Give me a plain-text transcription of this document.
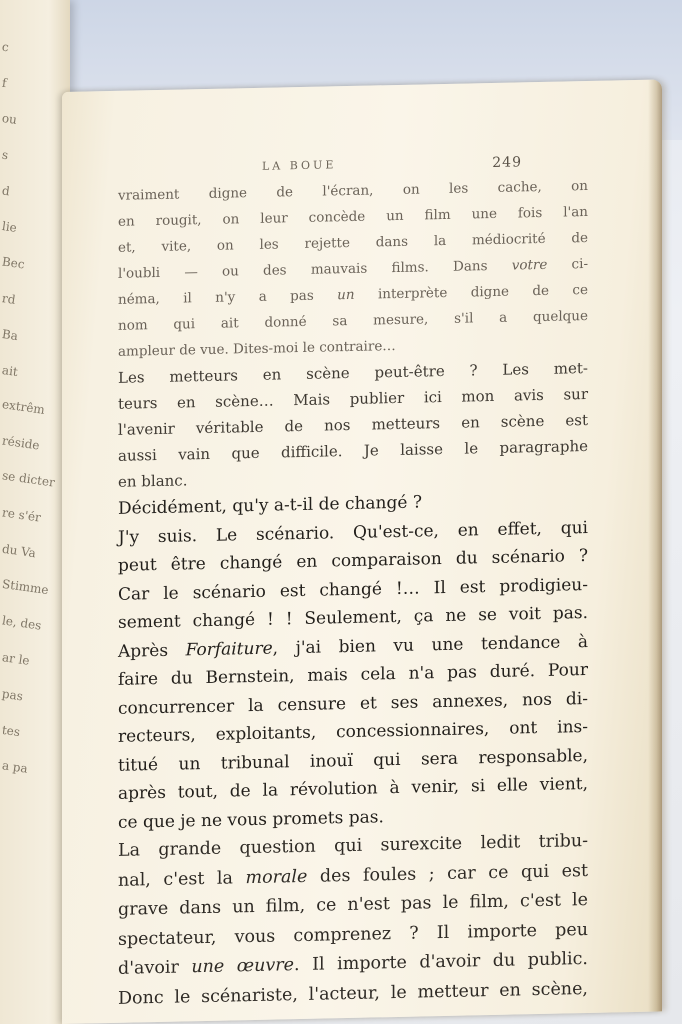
c
f
ou
s
d
lie
Bec
rd
Ba
ait
extrêm
réside
se dicter
re s'ér
du Va
Stimme
le, des
ar le
pas
tes
a pa
LA BOUE	249
vraiment digne de l'écran, on les cache, on
en rougit, on leur concède un film une fois l'an
et, vite, on les rejette dans la médiocrité de
l'oubli — ou des mauvais films. Dans votre ci-
néma, il n'y a pas un interprète digne de ce
nom qui ait donné sa mesure, s'il a quelque
ampleur de vue. Dites-moi le contraire…
Les metteurs en scène peut-être ? Les met-
teurs en scène… Mais publier ici mon avis sur
l'avenir véritable de nos metteurs en scène est
aussi vain que difficile. Je laisse le paragraphe
en blanc.
Décidément, qu'y a-t-il de changé ?
J'y suis. Le scénario. Qu'est-ce, en effet, qui
peut être changé en comparaison du scénario ?
Car le scénario est changé !… Il est prodigieu-
sement changé ! ! Seulement, ça ne se voit pas.
Après Forfaiture, j'ai bien vu une tendance à
faire du Bernstein, mais cela n'a pas duré. Pour
concurrencer la censure et ses annexes, nos di-
recteurs, exploitants, concessionnaires, ont ins-
titué un tribunal inouï qui sera responsable,
après tout, de la révolution à venir, si elle vient,
ce que je ne vous promets pas.
La grande question qui surexcite ledit tribu-
nal, c'est la morale des foules ; car ce qui est
grave dans un film, ce n'est pas le film, c'est le
spectateur, vous comprenez ? Il importe peu
d'avoir une œuvre. Il importe d'avoir du public.
Donc le scénariste, l'acteur, le metteur en scène,
